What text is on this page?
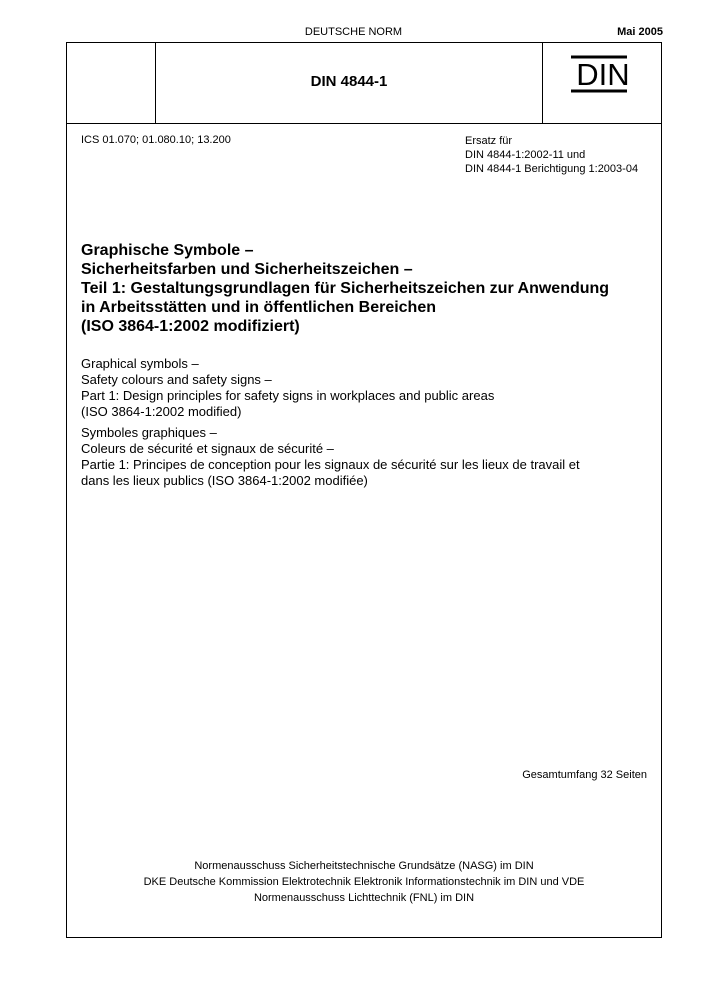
DEUTSCHE NORM	Mai 2005
DIN 4844-1	DIN
ICS 01.070; 01.080.10; 13.200	Ersatz für
DIN 4844-1:2002-11 und
DIN 4844-1 Berichtigung 1:2003-04
Graphische Symbole –
Sicherheitsfarben und Sicherheitszeichen –
Teil 1: Gestaltungsgrundlagen für Sicherheitszeichen zur Anwendung
in Arbeitsstätten und in öffentlichen Bereichen
(ISO 3864-1:2002 modifiziert)
Graphical symbols –
Safety colours and safety signs –
Part 1: Design principles for safety signs in workplaces and public areas
(ISO 3864-1:2002 modified)
Symboles graphiques –
Coleurs de sécurité et signaux de sécurité –
Partie 1: Principes de conception pour les signaux de sécurité sur les lieux de travail et
dans les lieux publics (ISO 3864-1:2002 modifiée)
Gesamtumfang 32 Seiten
Normenausschuss Sicherheitstechnische Grundsätze (NASG) im DIN
DKE Deutsche Kommission Elektrotechnik Elektronik Informationstechnik im DIN und VDE
Normenausschuss Lichttechnik (FNL) im DIN
